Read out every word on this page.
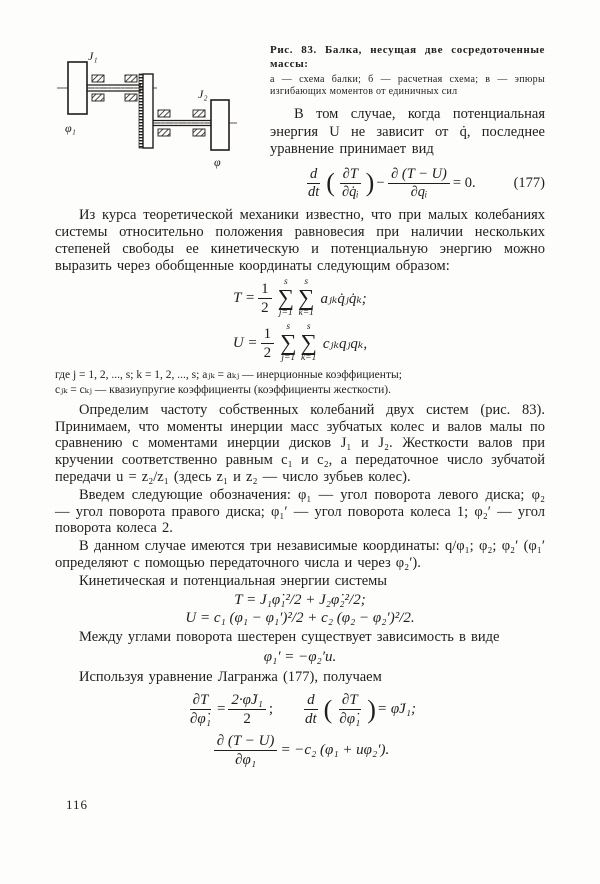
J₁
φ₁
J₂
φ
Рис. 83. Балка, несущая две сосредоточенные массы:
а — схема балки; б — расчетная схема; в — эпюры изгибающих моментов от единичных сил

В том случае, когда потенциальная энергия U не зависит от q̇, последнее уравнение принимает вид

d
dt ( ∂T
∂q̇ᵢ ) − $\frac{\partial (T - U)}{\text{∂qᵢ}} = 0$.	(177)

Из курса теоретической механики известно, что при малых колебаниях системы относительно положения равновесия при наличии нескольких степеней свободы ее кинетическую и потенциальную энергию можно выразить через обобщенные координаты следующим образом:

$T = \frac{1}{2}$ s
∑
j=1
s
∑
k=1
aⱼₖq̇ⱼq̇ₖ;
$U = \frac{1}{2}$ s
∑
j=1
s
∑
k=1
cⱼₖqⱼqₖ,
где j = 1, 2, ..., s; k = 1, 2, ..., s; aⱼₖ = aₖⱼ — инерционные коэффициенты;
cⱼₖ = cₖⱼ — квазиупругие коэффициенты (коэффициенты жесткости).

Определим частоту собственных колебаний двух систем (рис. 83). Принимаем, что моменты инерции масс зубчатых колес и валов малы по сравнению с моментами инерции дисков J₁ и J₂. Жесткости валов при кручении соответственно равным c₁ и c₂, а передаточное число зубчатой передачи u = z₂/z₁ (здесь z₁ и z₂ — число зубьев колес).

Введем следующие обозначения: φ₁ — угол поворота левого диска; φ₂ — угол поворота правого диска; φ₁′ — угол поворота колеса 1; φ₂′ — угол поворота колеса 2.

В данном случае имеются три независимые координаты: q/φ₁; φ₂; φ₂′ (φ₁′ определяют с помощью передаточного числа и через φ₂′).

Кинетическая и потенциальная энергии системы

T = J₁φ̇₁²/2 + J₂φ̇₂²/2;
U = c₁ (φ₁ − φ₁′)²/2 + c₂ (φ₂ − φ₂′)²/2.

Между углами поворота шестерен существует зависимость в виде

φ₁′ = −φ₂′u.

Используя уравнение Лагранжа (177), получаем

$\frac{\partial T}{\text{∂φ̇₁}} = \frac{\text{2·φ̇J₁}}{2}$ ;
d
dt ( ∂T
∂φ̇₁ ) = φ̈J₁;
$\frac{\partial (T - U)}{\text{∂φ₁}} = -c_2$ (φ₁ + uφ₂′).
116
